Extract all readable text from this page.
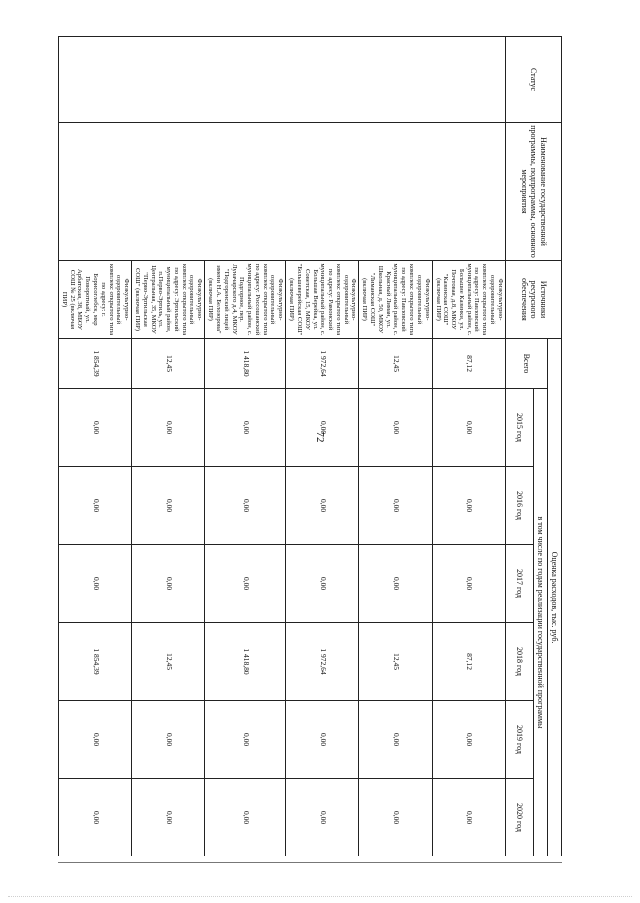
72
Статус	Наименование государственной программы, подпрограммы, основного мероприятия	Источники ресурсного обеспечения	Оценка расходов, тыс. руб.						
			Всего	в том числе по годам реализации государственной программы					
				2015 год	2016 год	2017 год	2018 год	2019 год	2020 год
		Физкультурно-оздоровительный комплекс открытого типа по адресу: Павловский муниципальный район, с. Большие Казинки, ул. Почтовая, д.8, МКОУ "Казинская СОШ" (включая ПИР)	87,12	0,00	0,00	0,00	87,12	0,00	0,00
		Физкультурно-оздоровительный комплекс открытого типа по адресу: Павловский муниципальный район, с. Красный Лиман, ул. Школьная, д. 50, МКОУ "Лиманская СОШ" (включая ПИР)	12,45	0,00	0,00	0,00	12,45	0,00	0,00
		Физкультурно-оздоровительный комплекс открытого типа по адресу: Рамонский муниципальный район, с. Большая Верейка, ул. Советская, 15, МКОУ "Большеверейская СОШ" (включая ПИР)	1 972,64	0,00	0,00	0,00	1 972,64	0,00	0,00
		Физкультурно-оздоровительный комплекс открытого типа по адресу: Россошанский муниципальный район, с. Подгорное, пер. Луначарского д.4, МКОУ "Подгоренский лицей имени Н.А. Белозорова" (включая ПИР)	1 418,80	0,00	0,00	0,00	1 418,80	0,00	0,00
		Физкультурно-оздоровительный комплекс открытого типа по адресу: Эртильский муниципальный район, п.Перво-Эртиль, ул. Центральная, 35, МКОУ "Перво-Эртильская СОШ" (включая ПИР)	12,45	0,00	0,00	0,00	12,45	0,00	0,00
		Физкультурно-оздоровительный комплекс открытого типа по адресу: г. Борисоглебск, мкр Поворотный, ул. Арбатская, 38, МБОУ СОШ № 25 (включая ПИР)	1 854,39	0,00	0,00	0,00	1 854,39	0,00	0,00
